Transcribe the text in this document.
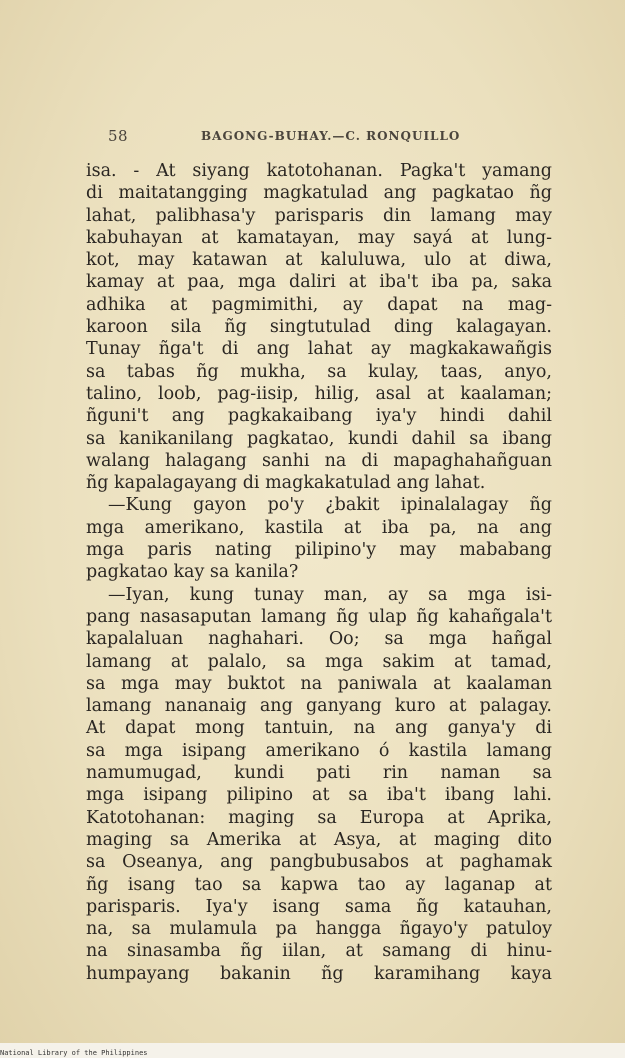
58	BAGONG-BUHAY.—C. RONQUILLO
isa. - At siyang katotohanan. Pagka't yamang
di maitatangging magkatulad ang pagkatao ñg
lahat, palibhasa'y parisparis din lamang may
kabuhayan at kamatayan, may sayá at lung-
kot, may katawan at kaluluwa, ulo at diwa,
kamay at paa, mga daliri at iba't iba pa, saka
adhika at pagmimithi, ay dapat na mag-
karoon sila ñg singtutulad ding kalagayan.
Tunay ñga't di ang lahat ay magkakawañgis
sa tabas ñg mukha, sa kulay, taas, anyo,
talino, loob, pag-iisip, hilig, asal at kaalaman;
ñguni't ang pagkakaibang iya'y hindi dahil
sa kanikanilang pagkatao, kundi dahil sa ibang
walang halagang sanhi na di mapaghahañguan
ñg kapalagayang di magkakatulad ang lahat.
—Kung gayon po'y ¿bakit ipinalalagay ñg
mga amerikano, kastila at iba pa, na ang
mga paris nating pilipino'y may mababang
pagkatao kay sa kanila?
—Iyan, kung tunay man, ay sa mga isi-
pang nasasaputan lamang ñg ulap ñg kahañgala't
kapalaluan naghahari. Oo; sa mga hañgal
lamang at palalo, sa mga sakim at tamad,
sa mga may buktot na paniwala at kaalaman
lamang nananaig ang ganyang kuro at palagay.
At dapat mong tantuin, na ang ganya'y di
sa mga isipang amerikano ó kastila lamang
namumugad, kundi pati rin naman sa
mga isipang pilipino at sa iba't ibang lahi.
Katotohanan: maging sa Europa at Aprika,
maging sa Amerika at Asya, at maging dito
sa Oseanya, ang pangbubusabos at paghamak
ñg isang tao sa kapwa tao ay laganap at
parisparis. Iya'y isang sama ñg katauhan,
na, sa mulamula pa hangga ñgayo'y patuloy
na sinasamba ñg iilan, at samang di hinu-
humpayang bakanin ñg karamihang kaya
National Library of the Philippines
